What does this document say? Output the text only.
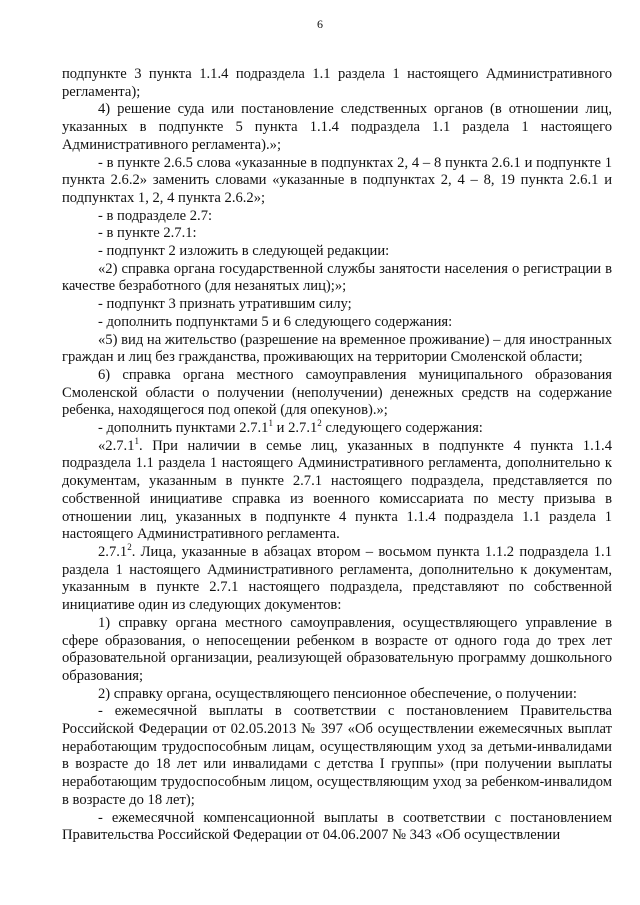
6

подпункте 3 пункта 1.1.4 подраздела 1.1 раздела 1 настоящего Административного регламента);

4) решение суда или постановление следственных органов (в отношении лиц, указанных в подпункте 5 пункта 1.1.4 подраздела 1.1 раздела 1 настоящего Административного регламента).»;

- в пункте 2.6.5 слова «указанные в подпунктах 2, 4 – 8 пункта 2.6.1 и подпункте 1 пункта 2.6.2» заменить словами «указанные в подпунктах 2, 4 – 8, 19 пункта 2.6.1 и подпунктах 1, 2, 4 пункта 2.6.2»;

- в подразделе 2.7:

- в пункте 2.7.1:

- подпункт 2 изложить в следующей редакции:

«2) справка органа государственной службы занятости населения о регистрации в качестве безработного (для незанятых лиц);»;

- подпункт 3 признать утратившим силу;

- дополнить подпунктами 5 и 6 следующего содержания:

«5) вид на жительство (разрешение на временное проживание) – для иностранных граждан и лиц без гражданства, проживающих на территории Смоленской области;

6) справка органа местного самоуправления муниципального образования Смоленской области о получении (неполучении) денежных средств на содержание ребенка, находящегося под опекой (для опекунов).»;

- дополнить пунктами 2.7.1$^1$ и 2.7.1$^2$ следующего содержания:

«2.7.1$^1$. При наличии в семье лиц, указанных в подпункте 4 пункта 1.1.4 подраздела 1.1 раздела 1 настоящего Административного регламента, дополнительно к документам, указанным в пункте 2.7.1 настоящего подраздела, представляется по собственной инициативе справка из военного комиссариата по месту призыва в отношении лиц, указанных в подпункте 4 пункта 1.1.4 подраздела 1.1 раздела 1 настоящего Административного регламента.

2.7.1$^2$. Лица, указанные в абзацах втором – восьмом пункта 1.1.2 подраздела 1.1 раздела 1 настоящего Административного регламента, дополнительно к документам, указанным в пункте 2.7.1 настоящего подраздела, представляют по собственной инициативе один из следующих документов:

1) справку органа местного самоуправления, осуществляющего управление в сфере образования, о непосещении ребенком в возрасте от одного года до трех лет образовательной организации, реализующей образовательную программу дошкольного образования;

2) справку органа, осуществляющего пенсионное обеспечение, о получении:

- ежемесячной выплаты в соответствии с постановлением Правительства Российской Федерации от 02.05.2013 № 397 «Об осуществлении ежемесячных выплат неработающим трудоспособным лицам, осуществляющим уход за детьми-инвалидами в возрасте до 18 лет или инвалидами с детства I группы» (при получении выплаты неработающим трудоспособным лицом, осуществляющим уход за ребенком-инвалидом в возрасте до 18 лет);

- ежемесячной компенсационной выплаты в соответствии с постановлением Правительства Российской Федерации от 04.06.2007 № 343 «Об осуществлении
